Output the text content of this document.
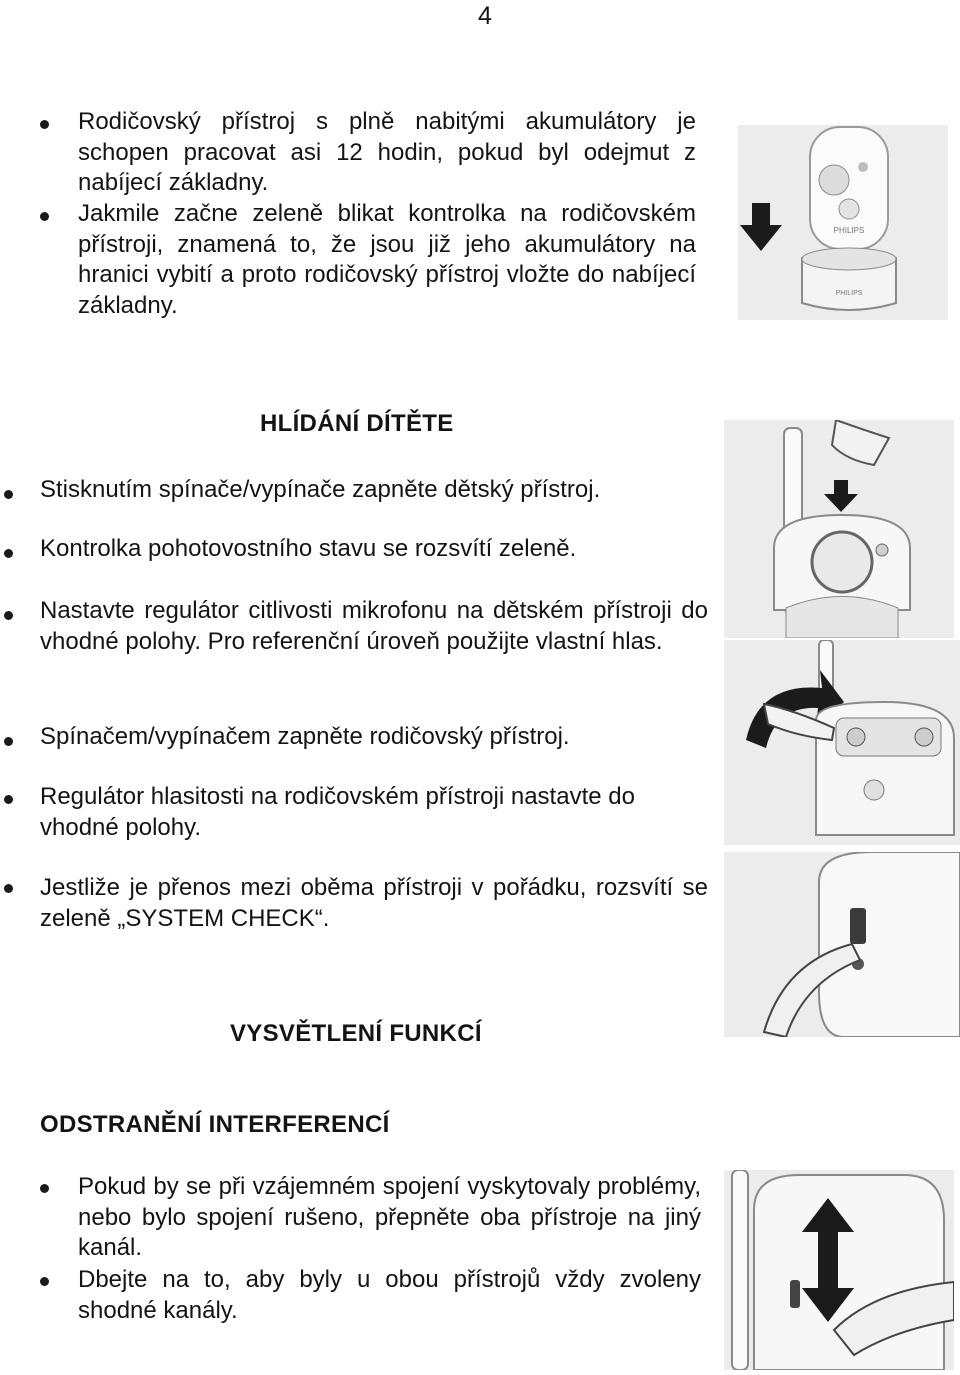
4
Rodičovský přístroj s plně nabitými akumulátory je schopen pracovat asi 12 hodin, pokud byl odejmut z nabíjecí základny.
Jakmile začne zeleně blikat kontrolka na rodičovském přístroji, znamená to, že jsou již jeho akumulátory na hranici vybití a proto rodičovský přístroj vložte do nabíjecí základny.
HLÍDÁNÍ DÍTĚTE
Stisknutím spínače/vypínače zapněte dětský přístroj.
Kontrolka pohotovostního stavu se rozsvítí zeleně.
Nastavte regulátor citlivosti mikrofonu na dětském přístroji do vhodné polohy. Pro referenční úroveň použijte vlastní hlas.
Spínačem/vypínačem zapněte rodičovský přístroj.
Regulátor hlasitosti na rodičovském přístroji nastavte do vhodné polohy.
Jestliže je přenos mezi oběma přístroji v pořádku, rozsvítí se zeleně „SYSTEM CHECK“.
VYSVĚTLENÍ FUNKCÍ
ODSTRANĚNÍ INTERFERENCÍ
Pokud by se při vzájemném spojení vyskytovaly problémy, nebo bylo spojení rušeno, přepněte oba přístroje na jiný kanál.
Dbejte na to, aby byly u obou přístrojů vždy zvoleny shodné kanály.
PHILIPS
PHILIPS
